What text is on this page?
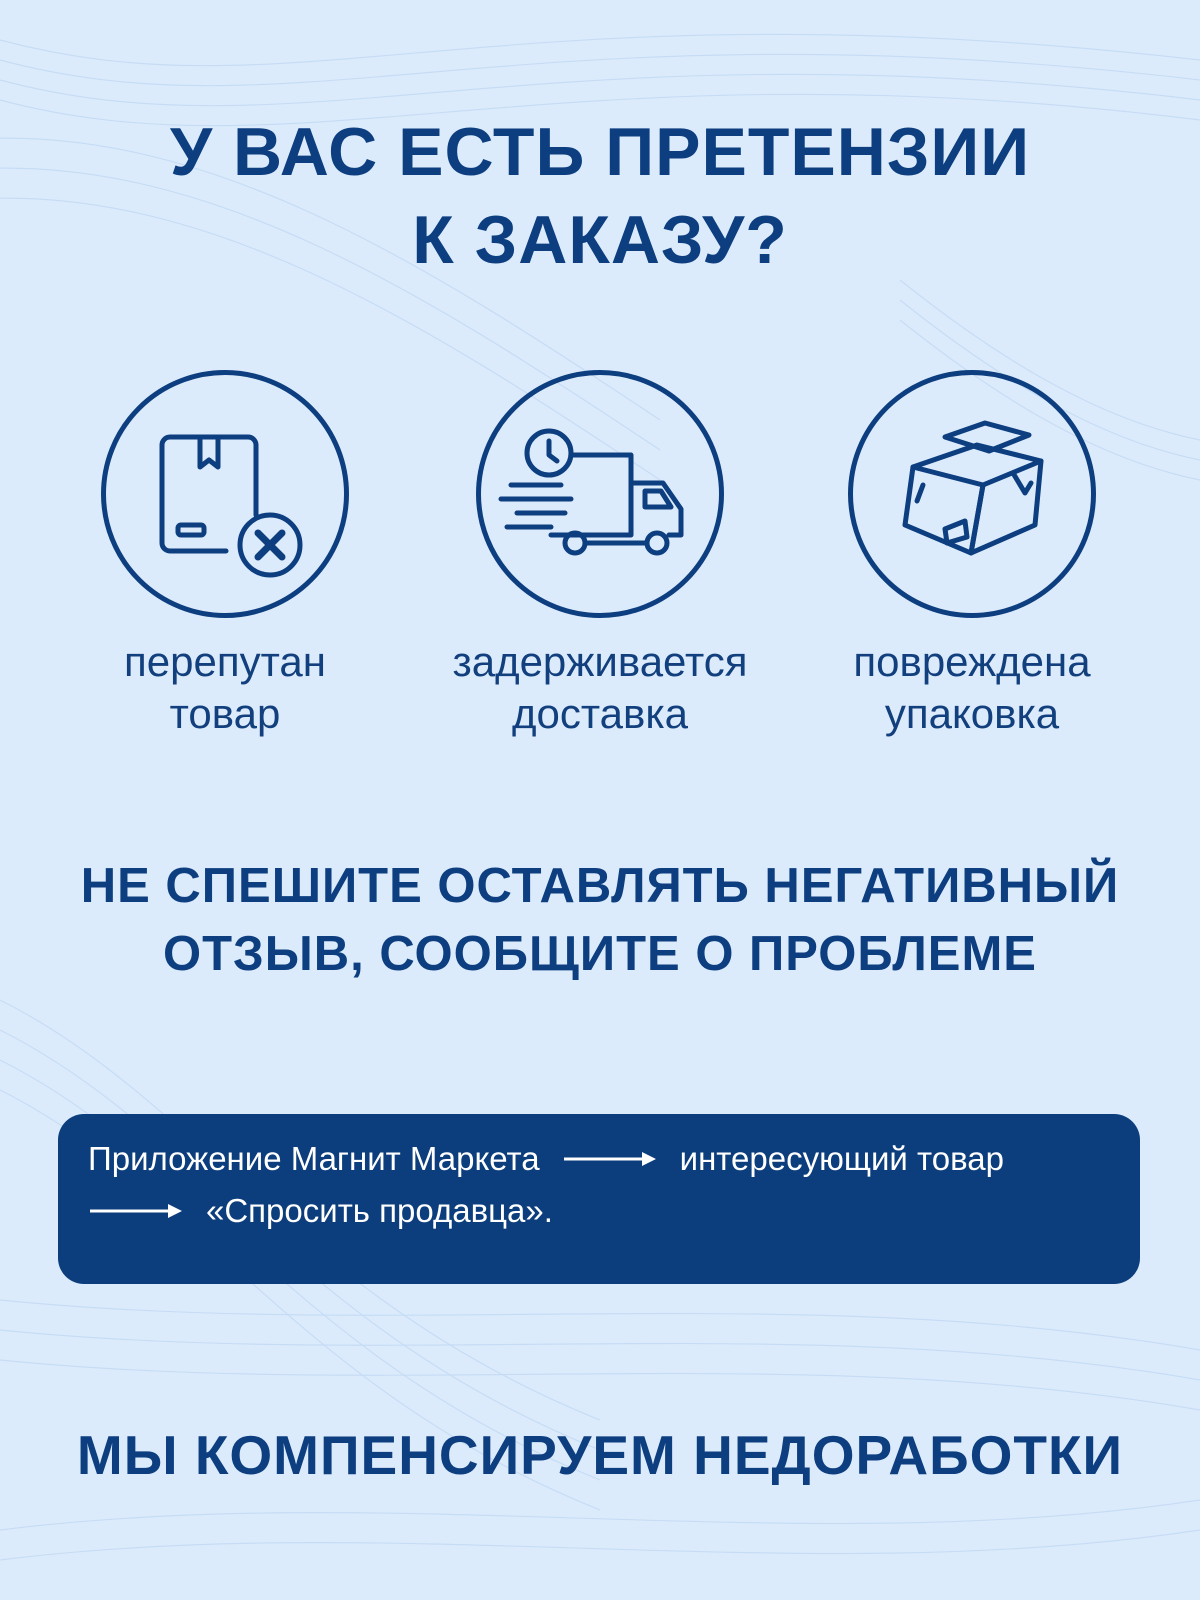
У ВАС ЕСТЬ ПРЕТЕНЗИИ
К ЗАКАЗУ?
перепутан
товар
задерживается
доставка
повреждена
упаковка
НЕ СПЕШИТЕ ОСТАВЛЯТЬ НЕГАТИВНЫЙ
ОТЗЫВ, СООБЩИТЕ О ПРОБЛЕМЕ
Приложение Магнит Маркета	интересующий товар
«Спросить продавца».
МЫ КОМПЕНСИРУЕМ НЕДОРАБОТКИ
